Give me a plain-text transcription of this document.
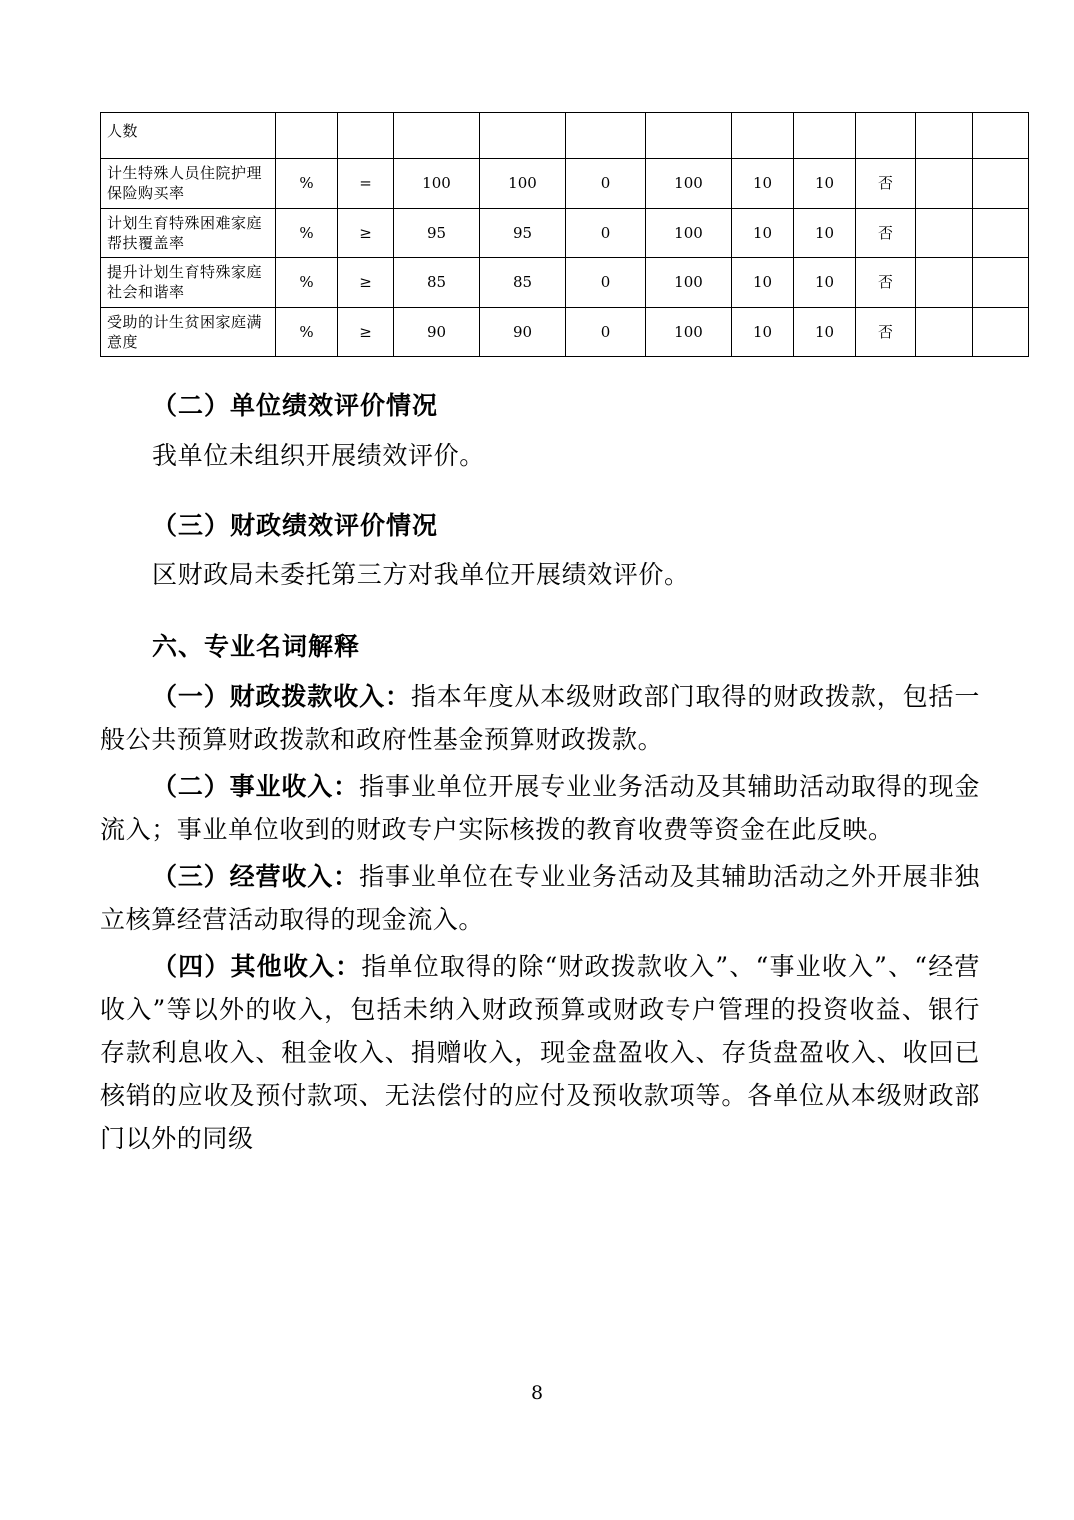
人数											
计生特殊人员住院护理保险购买率	%	=	100	100	0	100	10	10	否		
计划生育特殊困难家庭帮扶覆盖率	%	≥	95	95	0	100	10	10	否		
提升计划生育特殊家庭社会和谐率	%	≥	85	85	0	100	10	10	否		
受助的计生贫困家庭满意度	%	≥	90	90	0	100	10	10	否		
（二）单位绩效评价情况

我单位未组织开展绩效评价。

（三）财政绩效评价情况

区财政局未委托第三方对我单位开展绩效评价。

六、专业名词解释

（一）财政拨款收入：指本年度从本级财政部门取得的财政拨款，包括一般公共预算财政拨款和政府性基金预算财政拨款。

（二）事业收入：指事业单位开展专业业务活动及其辅助活动取得的现金流入；事业单位收到的财政专户实际核拨的教育收费等资金在此反映。

（三）经营收入：指事业单位在专业业务活动及其辅助活动之外开展非独立核算经营活动取得的现金流入。

（四）其他收入：指单位取得的除“财政拨款收入”、“事业收入”、“经营收入”等以外的收入，包括未纳入财政预算或财政专户管理的投资收益、银行存款利息收入、租金收入、捐赠收入，现金盘盈收入、存货盘盈收入、收回已核销的应收及预付款项、无法偿付的应付及预收款项等。各单位从本级财政部门以外的同级

8
